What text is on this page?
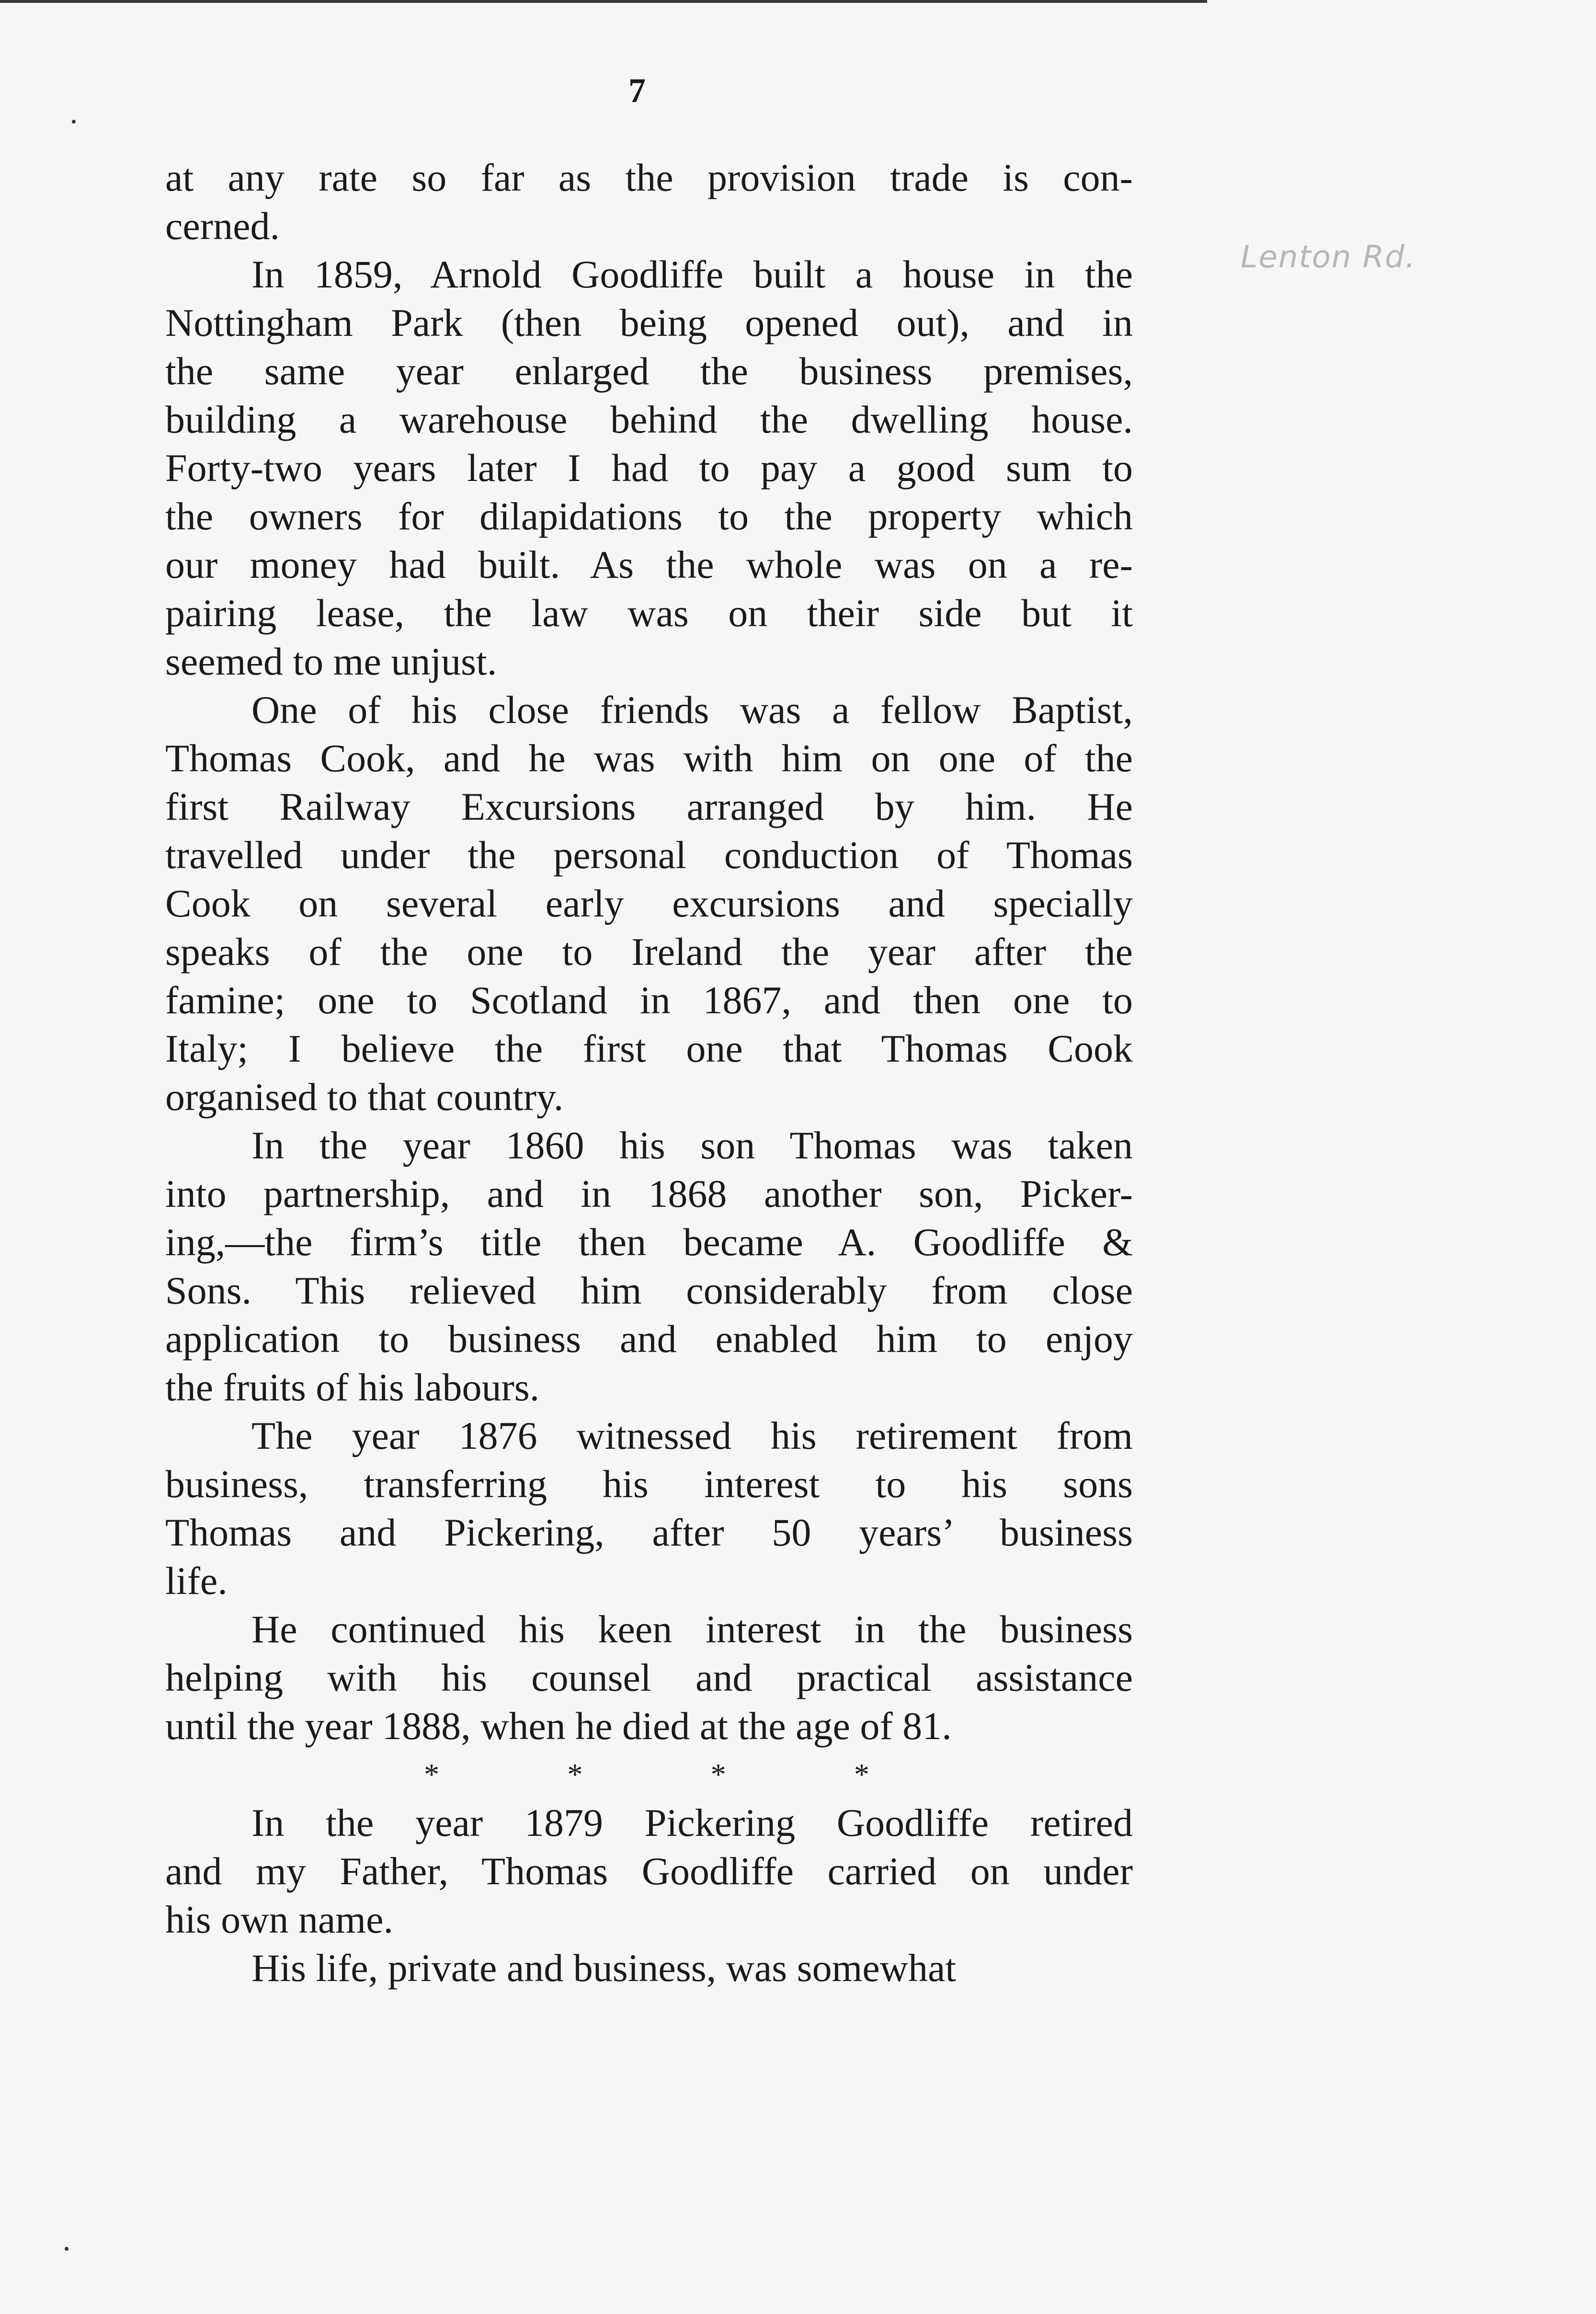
7
Lenton Rd.
at any rate so far as the provision trade is con-
cerned.
In 1859, Arnold Goodliffe built a house in the
Nottingham Park (then being opened out), and in
the same year enlarged the business premises,
building a warehouse behind the dwelling house.
Forty-two years later I had to pay a good sum to
the owners for dilapidations to the property which
our money had built. As the whole was on a re-
pairing lease, the law was on their side but it
seemed to me unjust.
One of his close friends was a fellow Baptist,
Thomas Cook, and he was with him on one of the
first Railway Excursions arranged by him. He
travelled under the personal conduction of Thomas
Cook on several early excursions and specially
speaks of the one to Ireland the year after the
famine; one to Scotland in 1867, and then one to
Italy; I believe the first one that Thomas Cook
organised to that country.
In the year 1860 his son Thomas was taken
into partnership, and in 1868 another son, Picker-
ing,—the firm’s title then became A. Goodliffe &
Sons. This relieved him considerably from close
application to business and enabled him to enjoy
the fruits of his labours.
The year 1876 witnessed his retirement from
business, transferring his interest to his sons
Thomas and Pickering, after 50 years’ business
life.
He continued his keen interest in the business
helping with his counsel and practical assistance
until the year 1888, when he died at the age of 81.
*	*	*	*
In the year 1879 Pickering Goodliffe retired
and my Father, Thomas Goodliffe carried on under
his own name.
His life, private and business, was somewhat
